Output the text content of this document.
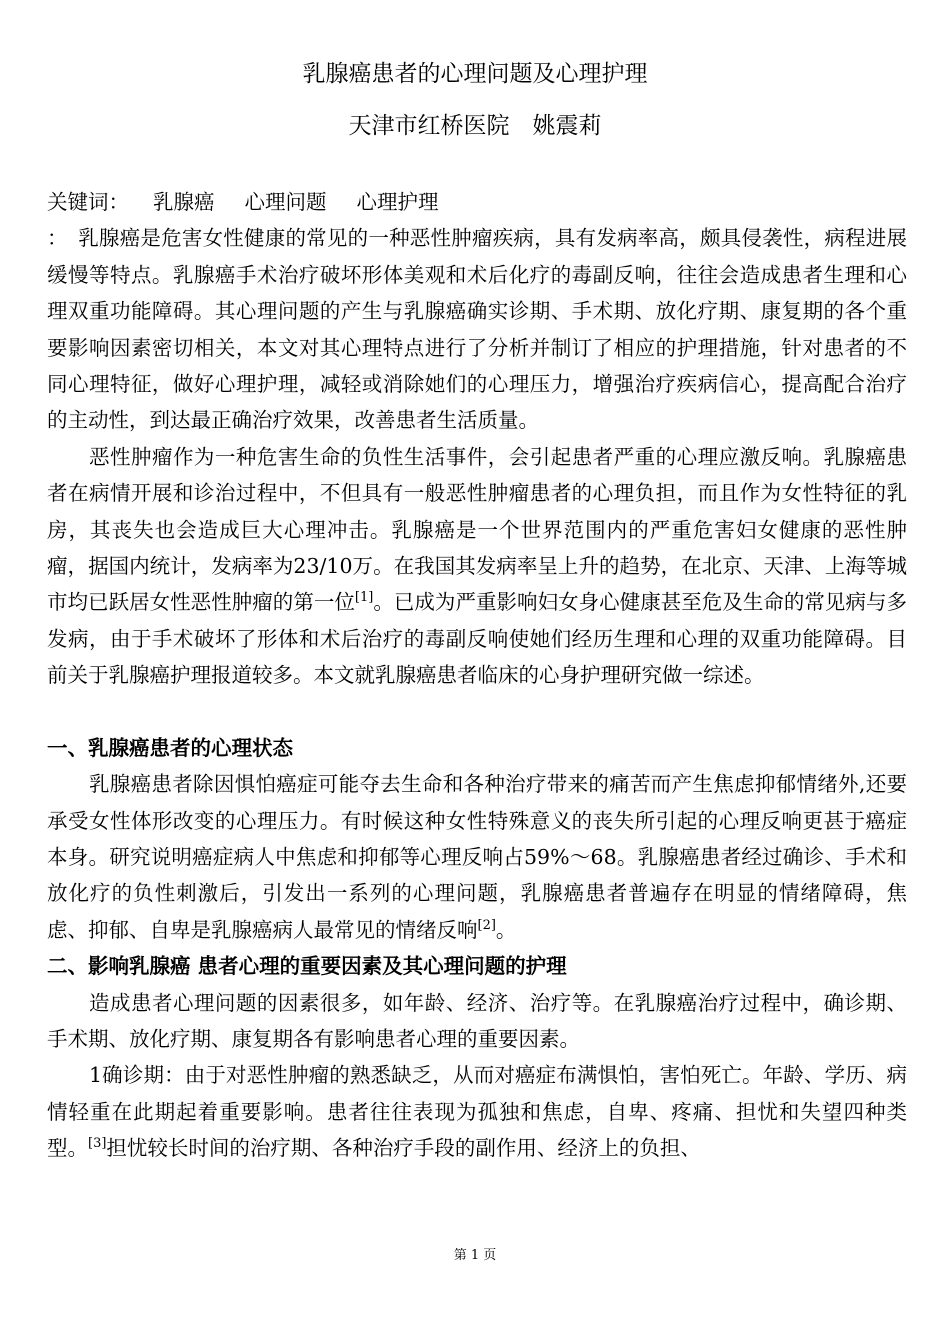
乳腺癌患者的心理问题及心理护理
天津市红桥医院　姚震莉

关键词： 乳腺癌 心理问题 心理护理

：　乳腺癌是危害女性健康的常见的一种恶性肿瘤疾病，具有发病率高，颇具侵袭性，病程进展缓慢等特点。乳腺癌手术治疗破坏形体美观和术后化疗的毒副反响，往往会造成患者生理和心理双重功能障碍。其心理问题的产生与乳腺癌确实诊期、手术期、放化疗期、康复期的各个重要影响因素密切相关，本文对其心理特点进行了分析并制订了相应的护理措施，针对患者的不同心理特征，做好心理护理，减轻或消除她们的心理压力，增强治疗疾病信心，提高配合治疗的主动性，到达最正确治疗效果，改善患者生活质量。

恶性肿瘤作为一种危害生命的负性生活事件，会引起患者严重的心理应激反响。乳腺癌患者在病情开展和诊治过程中，不但具有一般恶性肿瘤患者的心理负担，而且作为女性特征的乳房，其丧失也会造成巨大心理冲击。乳腺癌是一个世界范围内的严重危害妇女健康的恶性肿瘤，据国内统计，发病率为23/10万。在我国其发病率呈上升的趋势，在北京、天津、上海等城市均已跃居女性恶性肿瘤的第一位[1]。已成为严重影响妇女身心健康甚至危及生命的常见病与多发病，由于手术破坏了形体和术后治疗的毒副反响使她们经历生理和心理的双重功能障碍。目前关于乳腺癌护理报道较多。本文就乳腺癌患者临床的心身护理研究做一综述。

一、乳腺癌患者的心理状态

乳腺癌患者除因惧怕癌症可能夺去生命和各种治疗带来的痛苦而产生焦虑抑郁情绪外,还要承受女性体形改变的心理压力。有时候这种女性特殊意义的丧失所引起的心理反响更甚于癌症本身。研究说明癌症病人中焦虑和抑郁等心理反响占59%～68。乳腺癌患者经过确诊、手术和放化疗的负性刺激后，引发出一系列的心理问题，乳腺癌患者普遍存在明显的情绪障碍，焦虑、抑郁、自卑是乳腺癌病人最常见的情绪反响[2]。

二、影响乳腺癌 患者心理的重要因素及其心理问题的护理

造成患者心理问题的因素很多，如年龄、经济、治疗等。在乳腺癌治疗过程中，确诊期、手术期、放化疗期、康复期各有影响患者心理的重要因素。

1确诊期：由于对恶性肿瘤的熟悉缺乏，从而对癌症布满惧怕，害怕死亡。年龄、学历、病情轻重在此期起着重要影响。患者往往表现为孤独和焦虑，自卑、疼痛、担忧和失望四种类型。[3]担忧较长时间的治疗期、各种治疗手段的副作用、经济上的负担、

第 1 页
